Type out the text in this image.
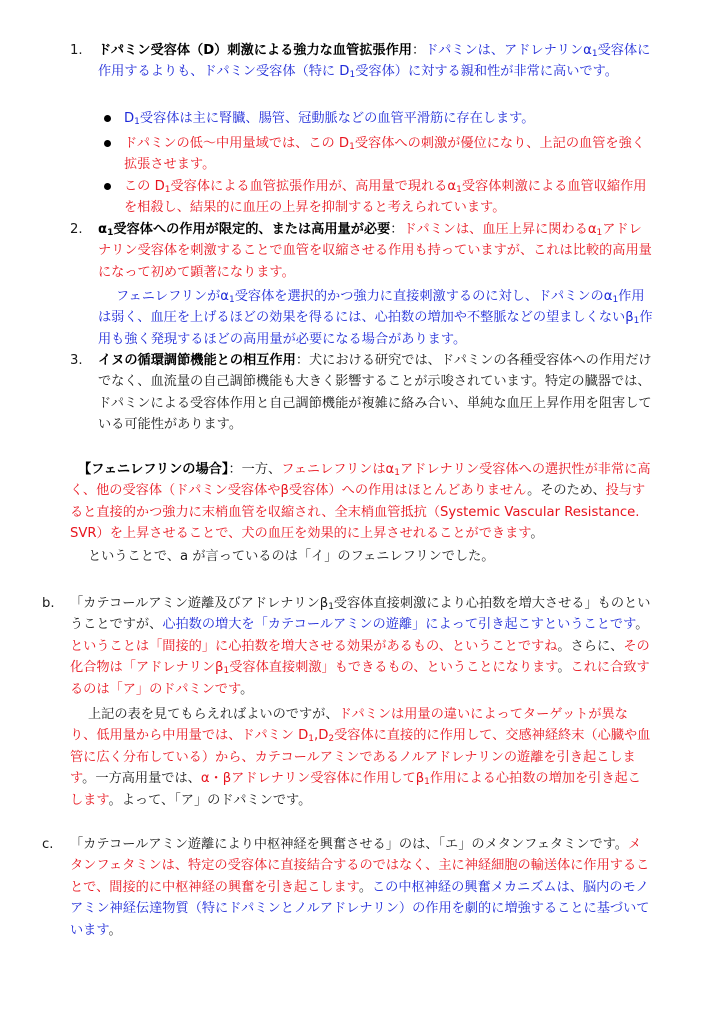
1.	ドパミン受容体（D）刺激による強力な血管拡張作用：ドパミンは、アドレナリン$\alpha_1$受容体に作用するよりも、ドパミン受容体（特に $D_1$受容体）に対する親和性が非常に高いです。
$D_1$受容体は主に腎臓、腸管、冠動脈などの血管平滑筋に存在します。
ドパミンの低～中用量域では、この $D_1$受容体への刺激が優位になり、上記の血管を強く拡張させます。
この $D_1$受容体による血管拡張作用が、高用量で現れる$\alpha_1$受容体刺激による血管収縮作用を相殺し、結果的に血圧の上昇を抑制すると考えられています。
2.	$\alpha_1$受容体への作用が限定的、または高用量が必要：ドパミンは、血圧上昇に関わる$\alpha_1$アドレナリン受容体を刺激することで血管を収縮させる作用も持っていますが、これは比較的高用量になって初めて顕著になります。
フェニレフリンが$\alpha_1$受容体を選択的かつ強力に直接刺激するのに対し、ドパミンの$\alpha_1$作用は弱く、血圧を上げるほどの効果を得るには、心拍数の増加や不整脈などの望ましくない$\beta_1$作用も強く発現するほどの高用量が必要になる場合があります。
3.	イヌの循環調節機能との相互作用：犬における研究では、ドパミンの各種受容体への作用だけでなく、血流量の自己調節機能も大きく影響することが示唆されています。特定の臓器では、ドパミンによる受容体作用と自己調節機能が複雑に絡み合い、単純な血圧上昇作用を阻害している可能性があります。
【フェニレフリンの場合】：一方、フェニレフリンは$\alpha_1$アドレナリン受容体への選択性が非常に高く、他の受容体（ドパミン受容体やβ受容体）への作用はほとんどありません。そのため、投与すると直接的かつ強力に末梢血管を収縮され、全末梢血管抵抗（Systemic Vascular Resistance. SVR）を上昇させることで、犬の血圧を効果的に上昇させれることができます。
ということで、a が言っているのは「イ」のフェニレフリンでした。
b.	「カテコールアミン遊離及びアドレナリン$\beta_1$受容体直接刺激により心拍数を増大させる」ものということですが、心拍数の増大を「カテコールアミンの遊離」によって引き起こすということです。ということは「間接的」に心拍数を増大させる効果があるもの、ということですね。さらに、その化合物は「アドレナリン$\beta_1$受容体直接刺激」もできるもの、ということになります。これに合致するのは「ア」のドパミンです。
上記の表を見てもらえればよいのですが、ドパミンは用量の違いによってターゲットが異なり、低用量から中用量では、ドパミン $D_1,D_2$受容体に直接的に作用して、交感神経終末（心臓や血管に広く分布している）から、カテコールアミンであるノルアドレナリンの遊離を引き起こします。一方高用量では、α・βアドレナリン受容体に作用して$\beta_1$作用による心拍数の増加を引き起こします。よって、「ア」のドパミンです。
c.	「カテコールアミン遊離により中枢神経を興奮させる」のは、「エ」のメタンフェタミンです。メタンフェタミンは、特定の受容体に直接結合するのではなく、主に神経細胞の輸送体に作用することで、間接的に中枢神経の興奮を引き起こします。この中枢神経の興奮メカニズムは、脳内のモノアミン神経伝達物質（特にドパミンとノルアドレナリン）の作用を劇的に増強することに基づいています。
